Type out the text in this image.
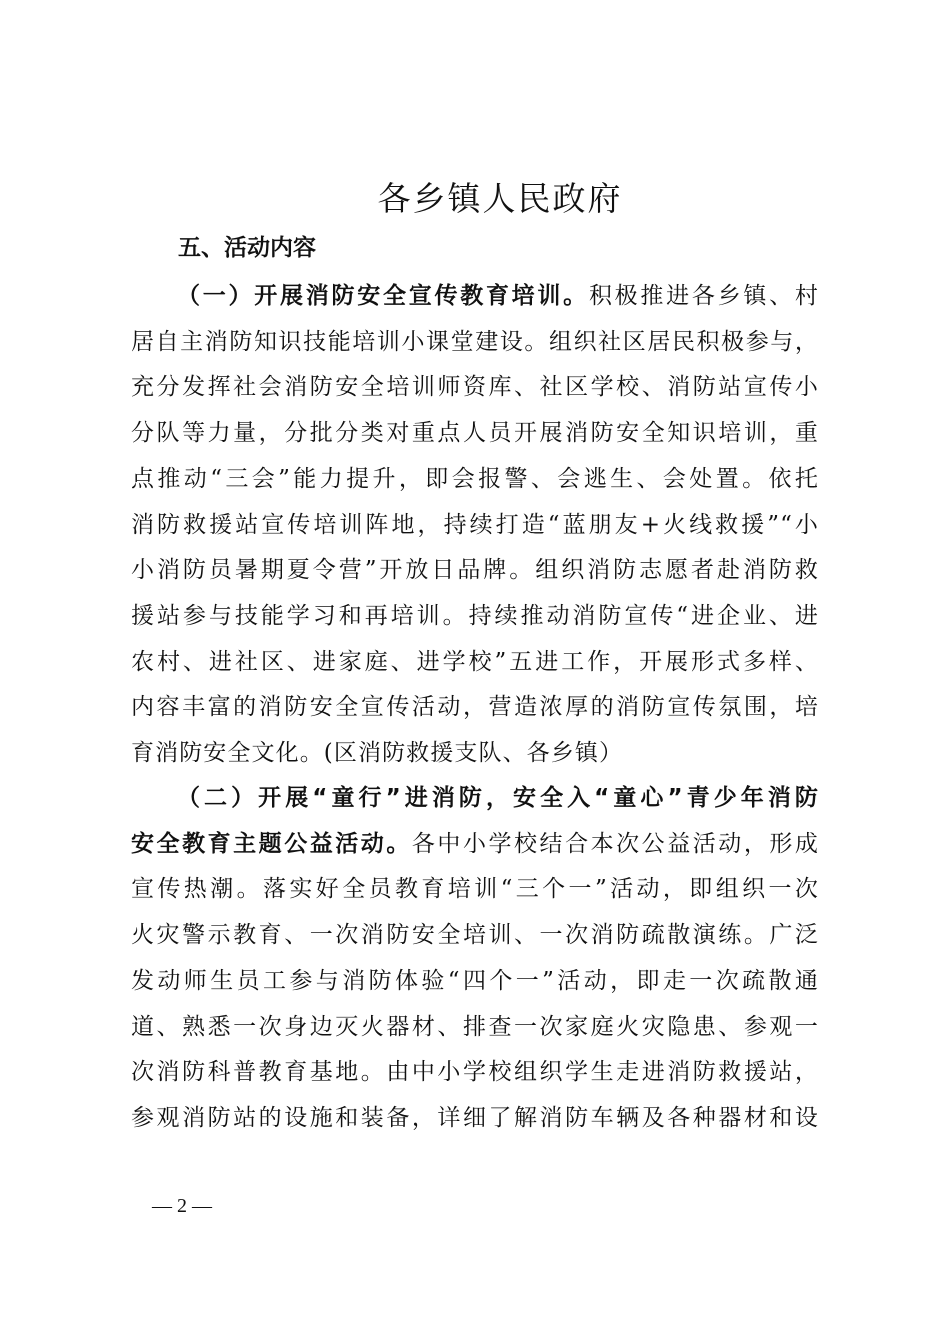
各乡镇人民政府
五、活动内容
（一）开展消防安全宣传教育培训。积极推进各乡镇、村
居自主消防知识技能培训小课堂建设。组织社区居民积极参与，
充分发挥社会消防安全培训师资库、社区学校、消防站宣传小
分队等力量，分批分类对重点人员开展消防安全知识培训，重
点推动“三会”能力提升，即会报警、会逃生、会处置。依托
消防救援站宣传培训阵地，持续打造“蓝朋友+火线救援”“小
小消防员暑期夏令营”开放日品牌。组织消防志愿者赴消防救
援站参与技能学习和再培训。持续推动消防宣传“进企业、进
农村、进社区、进家庭、进学校”五进工作，开展形式多样、
内容丰富的消防安全宣传活动，营造浓厚的消防宣传氛围，培
育消防安全文化。(区消防救援支队、各乡镇）
（二）开展“童行”进消防，安全入“童心”青少年消防
安全教育主题公益活动。各中小学校结合本次公益活动，形成
宣传热潮。落实好全员教育培训“三个一”活动，即组织一次
火灾警示教育、一次消防安全培训、一次消防疏散演练。广泛
发动师生员工参与消防体验“四个一”活动，即走一次疏散通
道、熟悉一次身边灭火器材、排查一次家庭火灾隐患、参观一
次消防科普教育基地。由中小学校组织学生走进消防救援站，
参观消防站的设施和装备，详细了解消防车辆及各种器材和设
— 2 —
